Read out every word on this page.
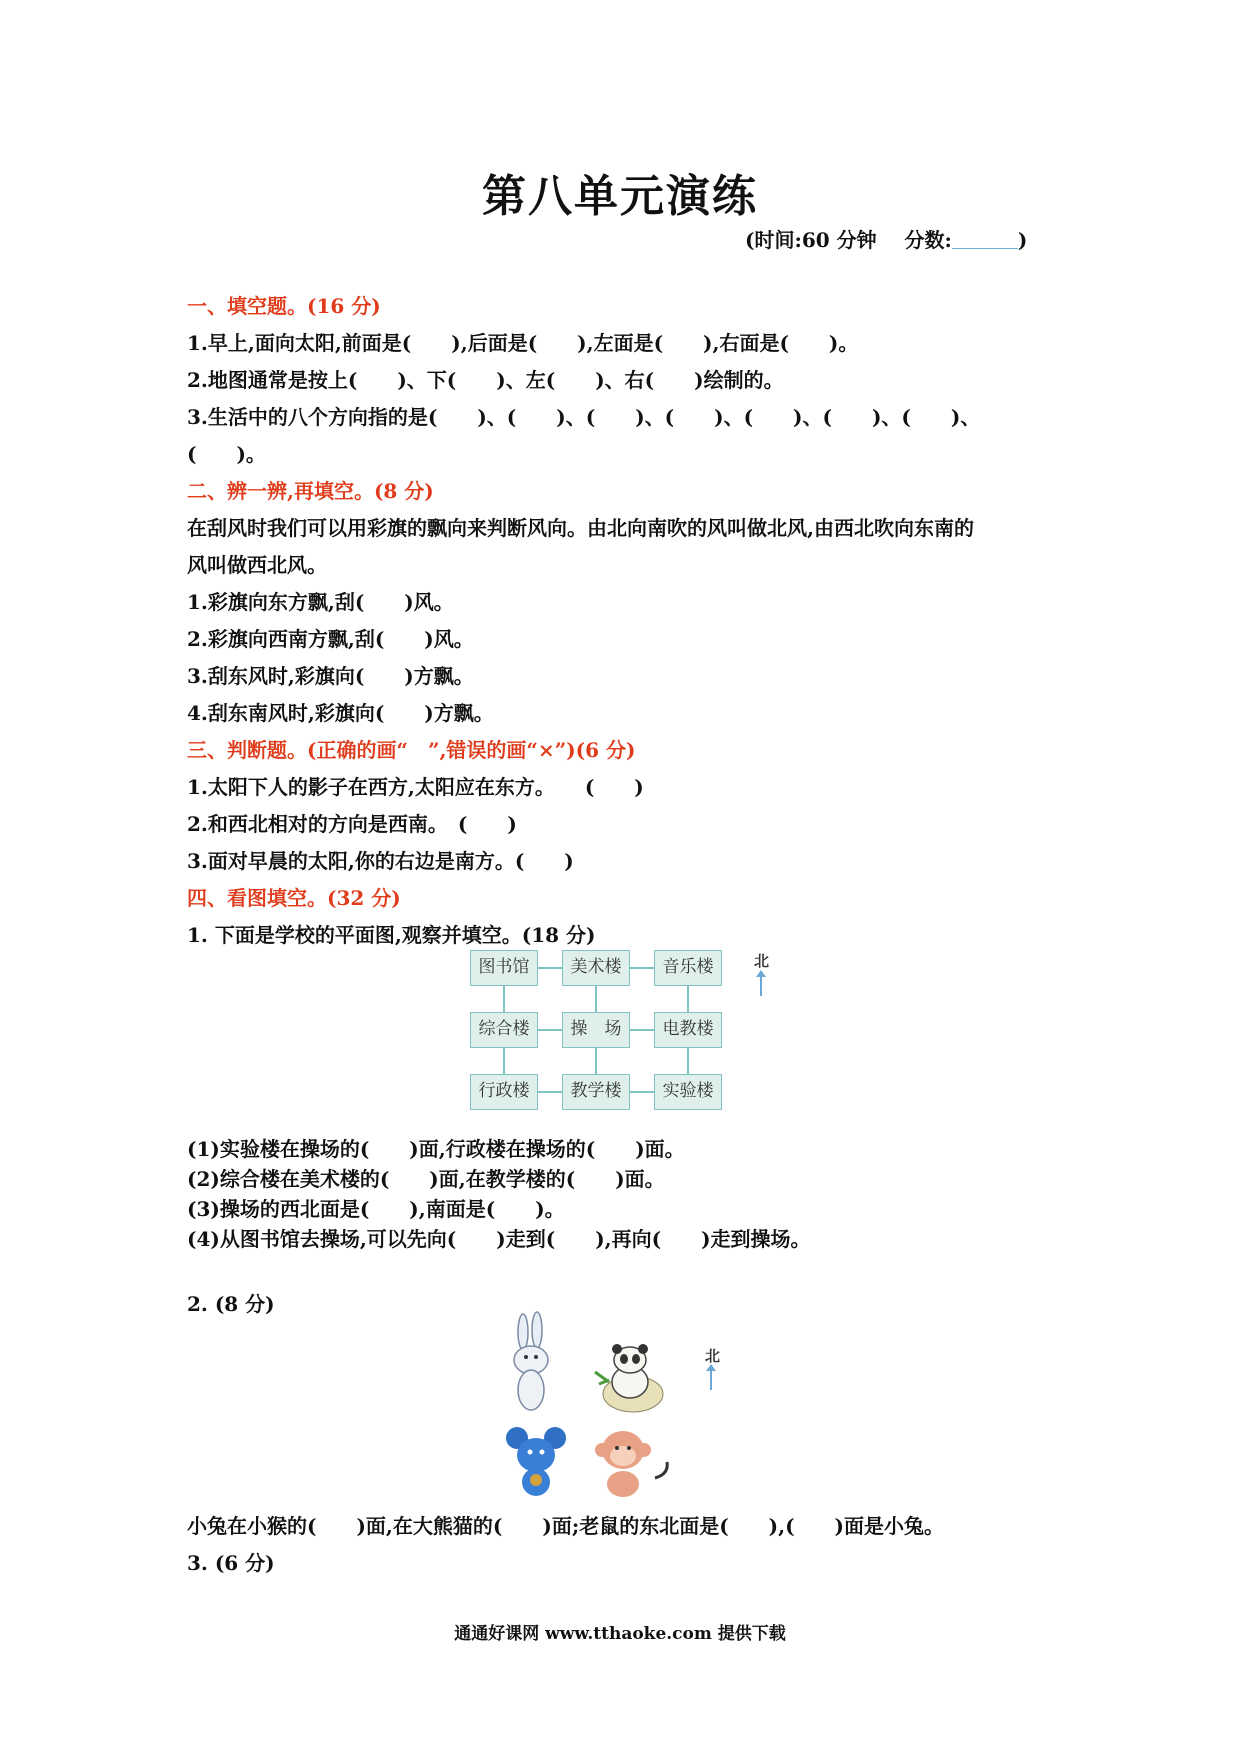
第八单元演练
(时间:60 分钟 分数:	)
一、填空题。(16 分)
1.早上,面向太阳,前面是(　　),后面是(　　),左面是(　　),右面是(　　)。
2.地图通常是按上(　　)、下(　　)、左(　　)、右(　　)绘制的。
3.生活中的八个方向指的是(　　)、(　　)、(　　)、(　　)、(　　)、(　　)、(　　)、
(　　)。
二、辨一辨,再填空。(8 分)
在刮风时我们可以用彩旗的飘向来判断风向。由北向南吹的风叫做北风,由西北吹向东南的
风叫做西北风。
1.彩旗向东方飘,刮(　　)风。
2.彩旗向西南方飘,刮(　　)风。
3.刮东风时,彩旗向(　　)方飘。
4.刮东南风时,彩旗向(　　)方飘。
三、判断题。(正确的画“　”,错误的画“×”)(6 分)
1.太阳下人的影子在西方,太阳应在东方。　　(　　)
2.和西北相对的方向是西南。　(　　)
3.面对早晨的太阳,你的右边是南方。(　　)
四、看图填空。(32 分)
1. 下面是学校的平面图,观察并填空。(18 分)
图书馆	美术楼	音乐楼
综合楼	操　场	电教楼
行政楼	教学楼	实验楼
北
(1)实验楼在操场的(　　)面,行政楼在操场的(　　)面。
(2)综合楼在美术楼的(　　)面,在教学楼的(　　)面。
(3)操场的西北面是(　　),南面是(　　)。
(4)从图书馆去操场,可以先向(　　)走到(　　),再向(　　)走到操场。
2. (8 分)
北
小兔在小猴的(　　)面,在大熊猫的(　　)面;老鼠的东北面是(　　),(　　)面是小兔。
3. (6 分)
通通好课网 www.tthaoke.com 提供下载
